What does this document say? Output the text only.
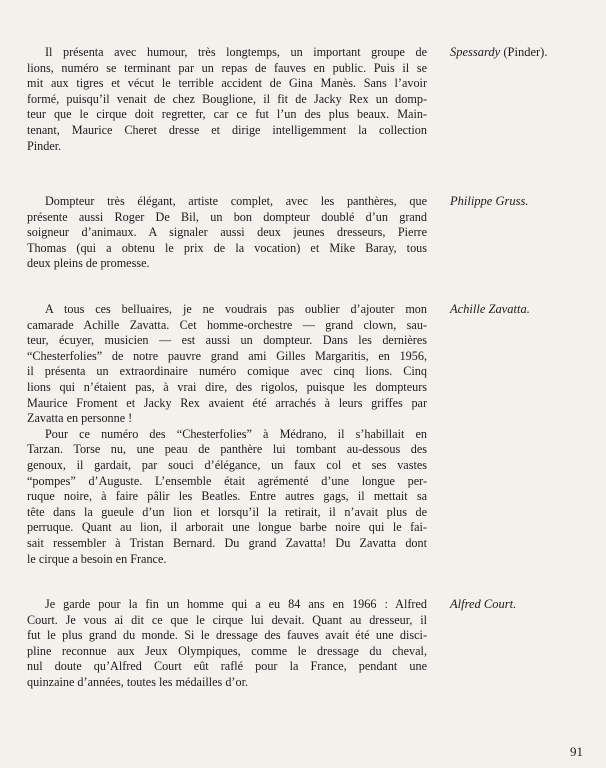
Il présenta avec humour, très longtemps, un important groupe de
lions, numéro se terminant par un repas de fauves en public. Puis il se
mit aux tigres et vécut le terrible accident de Gina Manès. Sans l’avoir
formé, puisqu’il venait de chez Bouglione, il fit de Jacky Rex un domp-
teur que le cirque doit regretter, car ce fut l’un des plus beaux. Main-
tenant, Maurice Cheret dresse et dirige intelligemment la collection
Pinder.
Spessardy (Pinder).
Dompteur très élégant, artiste complet, avec les panthères, que
présente aussi Roger De Bil, un bon dompteur doublé d’un grand
soigneur d’animaux. A signaler aussi deux jeunes dresseurs, Pierre
Thomas (qui a obtenu le prix de la vocation) et Mike Baray, tous
deux pleins de promesse.
Philippe Gruss.
A tous ces belluaires, je ne voudrais pas oublier d’ajouter mon
camarade Achille Zavatta. Cet homme-orchestre — grand clown, sau-
teur, écuyer, musicien — est aussi un dompteur. Dans les dernières
“Chesterfolies” de notre pauvre grand ami Gilles Margaritis, en 1956,
il présenta un extraordinaire numéro comique avec cinq lions. Cinq
lions qui n’étaient pas, à vrai dire, des rigolos, puisque les dompteurs
Maurice Froment et Jacky Rex avaient été arrachés à leurs griffes par
Zavatta en personne !
Pour ce numéro des “Chesterfolies” à Médrano, il s’habillait en
Tarzan. Torse nu, une peau de panthère lui tombant au-dessous des
genoux, il gardait, par souci d’élégance, un faux col et ses vastes
“pompes” d’Auguste. L’ensemble était agrémenté d’une longue per-
ruque noire, à faire pâlir les Beatles. Entre autres gags, il mettait sa
tête dans la gueule d’un lion et lorsqu’il la retirait, il n’avait plus de
perruque. Quant au lion, il arborait une longue barbe noire qui le fai-
sait ressembler à Tristan Bernard. Du grand Zavatta! Du Zavatta dont
le cirque a besoin en France.
Achille Zavatta.
Je garde pour la fin un homme qui a eu 84 ans en 1966 : Alfred
Court. Je vous ai dit ce que le cirque lui devait. Quant au dresseur, il
fut le plus grand du monde. Si le dressage des fauves avait été une disci-
pline reconnue aux Jeux Olympiques, comme le dressage du cheval,
nul doute qu’Alfred Court eût raflé pour la France, pendant une
quinzaine d’années, toutes les médailles d’or.
Alfred Court.
91
